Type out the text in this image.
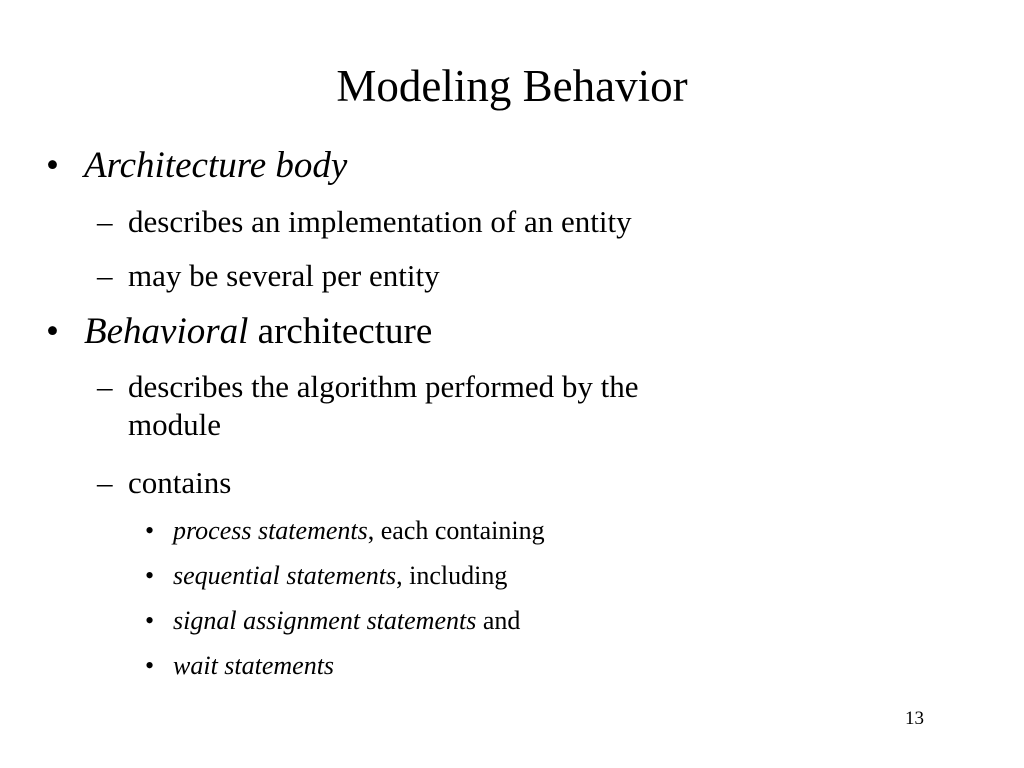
Modeling Behavior
• Architecture body
– describes an implementation of an entity
– may be several per entity
• Behavioral architecture
– describes the algorithm performed by the
module
– contains
• process statements, each containing
• sequential statements, including
• signal assignment statements and
• wait statements
13
